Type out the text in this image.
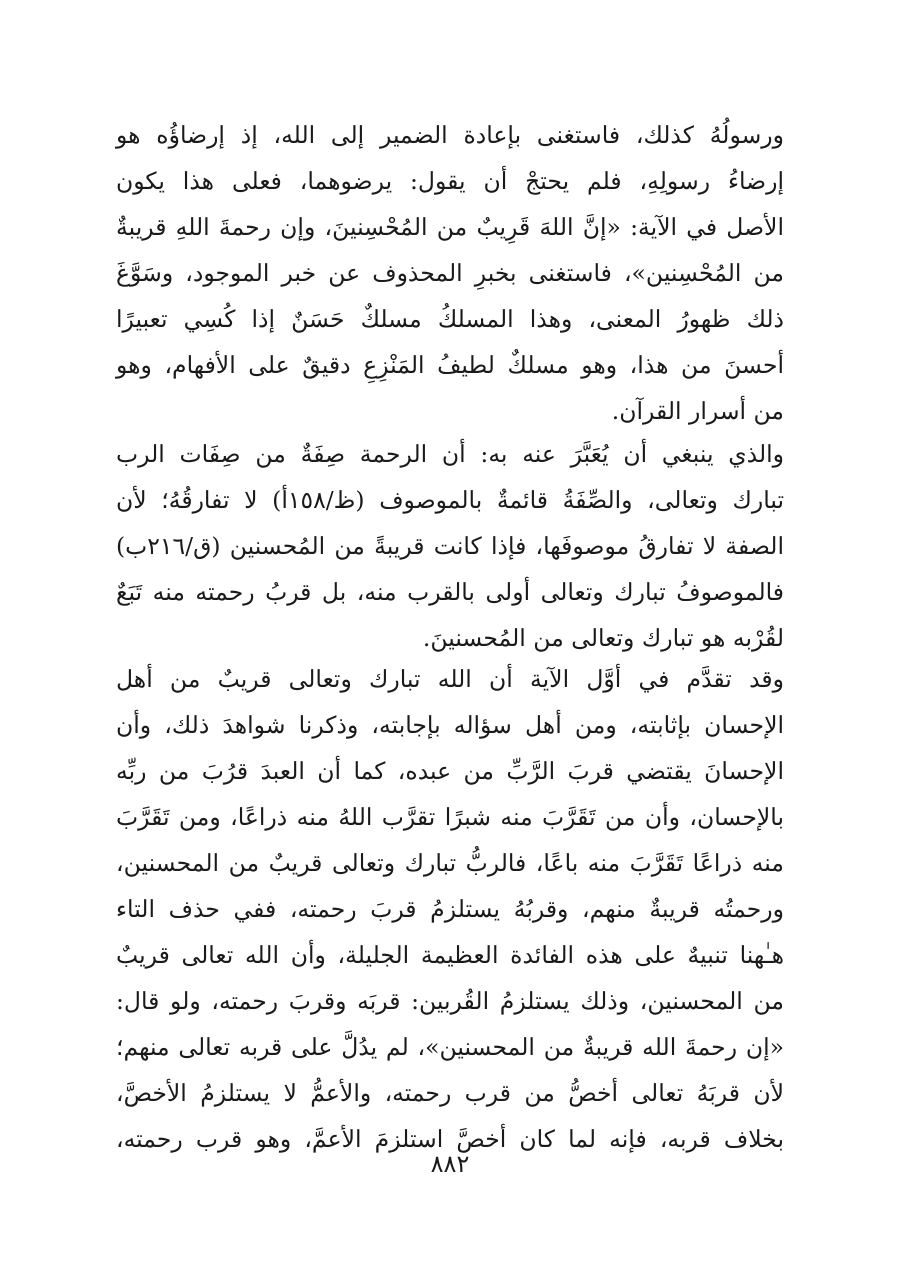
ورسولُهُ كذلك، فاستغنى بإعادة الضمير إلى الله، إذ إرضاؤُه هو
إرضاءُ رسولِهِ، فلم يحتجْ أن يقول: يرضوهما، فعلى هذا يكون
الأصل في الآية: «إنَّ اللهَ قَرِيبٌ من المُحْسِنينَ، وإن رحمةَ اللهِ قريبةٌ
من المُحْسِنين»، فاستغنى بخبرِ المحذوف عن خبر الموجود، وسَوَّغَ
ذلك ظهورُ المعنى، وهذا المسلكُ مسلكٌ حَسَنٌ إذا كُسِي تعبيرًا
أحسنَ من هذا، وهو مسلكٌ لطيفُ المَنْزِعِ دقيقٌ على الأفهام، وهو
من أسرار القرآن.
والذي ينبغي أن يُعَبَّرَ عنه به: أن الرحمة صِفَةٌ من صِفَات الرب
تبارك وتعالى، والصِّفَةُ قائمةٌ بالموصوف (ظ/١٥٨أ) لا تفارقُهُ؛ لأن
الصفة لا تفارقُ موصوفَها، فإذا كانت قريبةً من المُحسنين (ق/٢١٦ب)
فالموصوفُ تبارك وتعالى أولى بالقرب منه، بل قربُ رحمته منه تَبَعٌ
لقُرْبه هو تبارك وتعالى من المُحسنينَ.
وقد تقدَّم في أوَّل الآية أن الله تبارك وتعالى قريبٌ من أهل
الإحسان بإثابته، ومن أهل سؤاله بإجابته، وذكرنا شواهدَ ذلك، وأن
الإحسانَ يقتضي قربَ الرَّبِّ من عبده، كما أن العبدَ قرُبَ من ربِّه
بالإحسان، وأن من تَقَرَّبَ منه شبرًا تقرَّب اللهُ منه ذراعًا، ومن تَقَرَّبَ
منه ذراعًا تَقَرَّبَ منه باعًا، فالربُّ تبارك وتعالى قريبٌ من المحسنين،
ورحمتُه قريبةٌ منهم، وقربُهُ يستلزمُ قربَ رحمته، ففي حذف التاء
هـٰهنا تنبيهٌ على هذه الفائدة العظيمة الجليلة، وأن الله تعالى قريبٌ
من المحسنين، وذلك يستلزمُ القُربين: قربَه وقربَ رحمته، ولو قال:
«إن رحمةَ الله قريبةٌ من المحسنين»، لم يدُلَّ على قربه تعالى منهم؛
لأن قربَهُ تعالى أخصُّ من قرب رحمته، والأعمُّ لا يستلزمُ الأخصَّ،
بخلاف قربه، فإنه لما كان أخصَّ استلزمَ الأعمَّ، وهو قرب رحمته،
٨٨٢
